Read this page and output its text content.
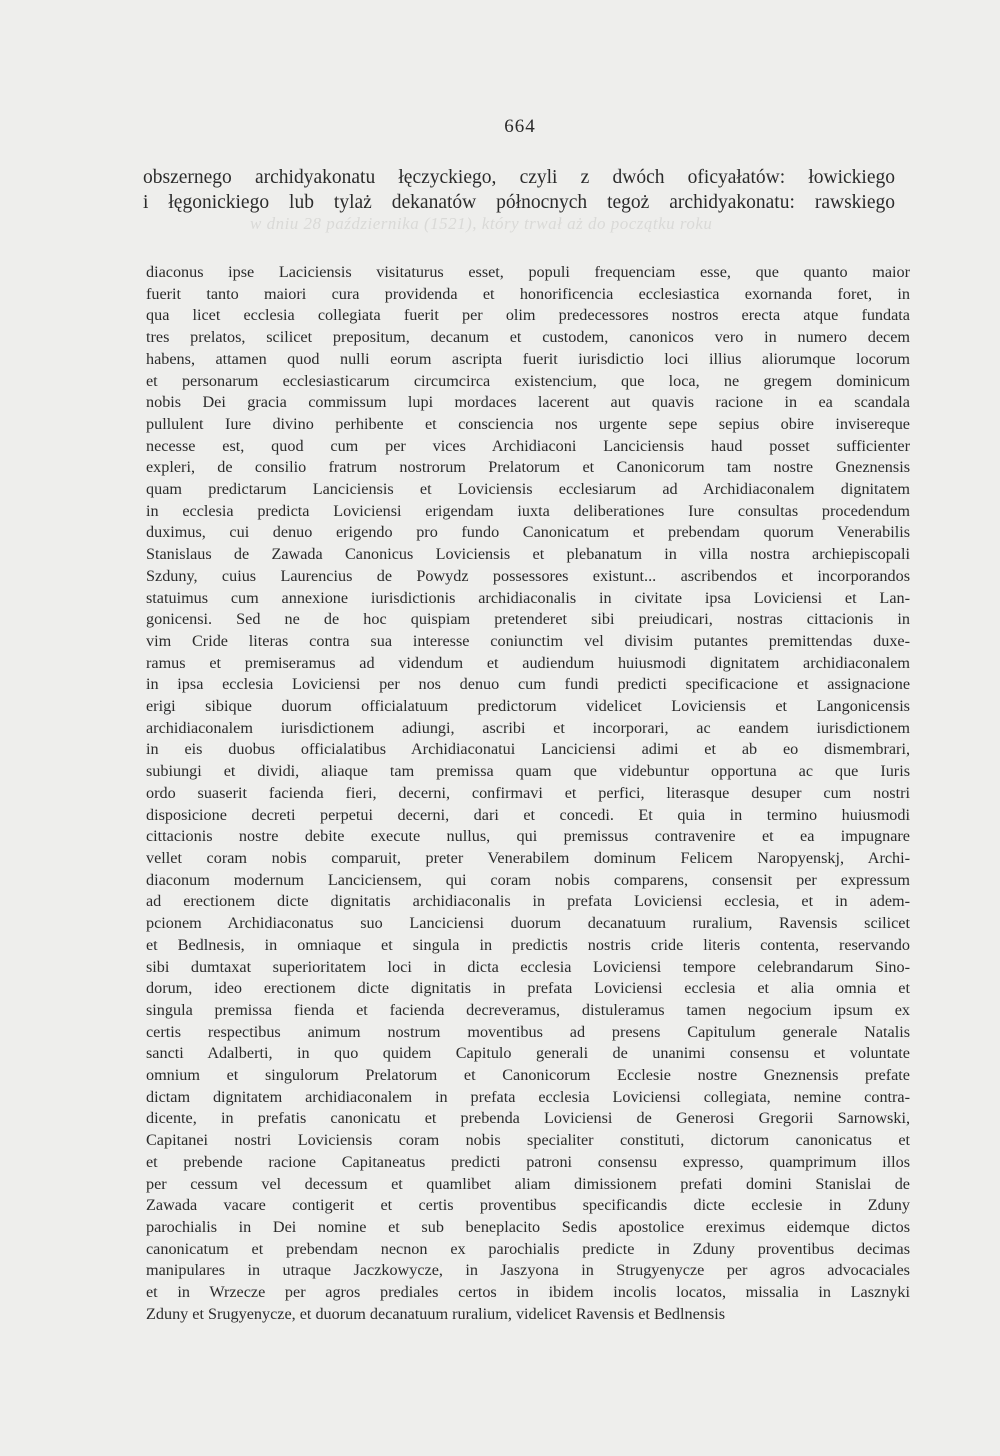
664
w dniu 28 października (1521), który trwał aż do początku roku
obszernego archidyakonatu łęczyckiego, czyli z dwóch oficyałatów: łowickiego
i łęgonickiego lub tylaż dekanatów północnych tegoż archidyakonatu: rawskiego
diaconus ipse Laciciensis visitaturus esset, populi frequenciam esse, que quanto maior
fuerit tanto maiori cura providenda et honorificencia ecclesiastica exornanda foret, in
qua licet ecclesia collegiata fuerit per olim predecessores nostros erecta atque fundata
tres prelatos, scilicet prepositum, decanum et custodem, canonicos vero in numero decem
habens, attamen quod nulli eorum ascripta fuerit iurisdictio loci illius aliorumque locorum
et personarum ecclesiasticarum circumcirca existencium, que loca, ne gregem dominicum
nobis Dei gracia commissum lupi mordaces lacerent aut quavis racione in ea scandala
pullulent Iure divino perhibente et consciencia nos urgente sepe sepius obire invisereque
necesse est, quod cum per vices Archidiaconi Lanciciensis haud posset sufficienter
expleri, de consilio fratrum nostrorum Prelatorum et Canonicorum tam nostre Gneznensis
quam predictarum Lanciciensis et Loviciensis ecclesiarum ad Archidiaconalem dignitatem
in ecclesia predicta Loviciensi erigendam iuxta deliberationes Iure consultas procedendum
duximus, cui denuo erigendo pro fundo Canonicatum et prebendam quorum Venerabilis
Stanislaus de Zawada Canonicus Loviciensis et plebanatum in villa nostra archiepiscopali
Szduny, cuius Laurencius de Powydz possessores existunt... ascribendos et incorporandos
statuimus cum annexione iurisdictionis archidiaconalis in civitate ipsa Loviciensi et Lan-
gonicensi. Sed ne de hoc quispiam pretenderet sibi preiudicari, nostras cittacionis in
vim Cride literas contra sua interesse coniunctim vel divisim putantes premittendas duxe-
ramus et premiseramus ad videndum et audiendum huiusmodi dignitatem archidiaconalem
in ipsa ecclesia Loviciensi per nos denuo cum fundi predicti specificacione et assignacione
erigi sibique duorum officialatuum predictorum videlicet Loviciensis et Langonicensis
archidiaconalem iurisdictionem adiungi, ascribi et incorporari, ac eandem iurisdictionem
in eis duobus officialatibus Archidiaconatui Lanciciensi adimi et ab eo dismembrari,
subiungi et dividi, aliaque tam premissa quam que videbuntur opportuna ac que Iuris
ordo suaserit facienda fieri, decerni, confirmavi et perfici, literasque desuper cum nostri
disposicione decreti perpetui decerni, dari et concedi. Et quia in termino huiusmodi
cittacionis nostre debite execute nullus, qui premissus contravenire et ea impugnare
vellet coram nobis comparuit, preter Venerabilem dominum Felicem Naropyenskj, Archi-
diaconum modernum Lanciciensem, qui coram nobis comparens, consensit per expressum
ad erectionem dicte dignitatis archidiaconalis in prefata Loviciensi ecclesia, et in adem-
pcionem Archidiaconatus suo Lanciciensi duorum decanatuum ruralium, Ravensis scilicet
et Bedlnesis, in omniaque et singula in predictis nostris cride literis contenta, reservando
sibi dumtaxat superioritatem loci in dicta ecclesia Loviciensi tempore celebrandarum Sino-
dorum, ideo erectionem dicte dignitatis in prefata Loviciensi ecclesia et alia omnia et
singula premissa fienda et facienda decreveramus, distuleramus tamen negocium ipsum ex
certis respectibus animum nostrum moventibus ad presens Capitulum generale Natalis
sancti Adalberti, in quo quidem Capitulo generali de unanimi consensu et voluntate
omnium et singulorum Prelatorum et Canonicorum Ecclesie nostre Gneznensis prefate
dictam dignitatem archidiaconalem in prefata ecclesia Loviciensi collegiata, nemine contra-
dicente, in prefatis canonicatu et prebenda Loviciensi de Generosi Gregorii Sarnowski,
Capitanei nostri Loviciensis coram nobis specialiter constituti, dictorum canonicatus et
et prebende racione Capitaneatus predicti patroni consensu expresso, quamprimum illos
per cessum vel decessum et quamlibet aliam dimissionem prefati domini Stanislai de
Zawada vacare contigerit et certis proventibus specificandis dicte ecclesie in Zduny
parochialis in Dei nomine et sub beneplacito Sedis apostolice ereximus eidemque dictos
canonicatum et prebendam necnon ex parochialis predicte in Zduny proventibus decimas
manipulares in utraque Jaczkowycze, in Jaszyona in Strugyenycze per agros advocaciales
et in Wrzecze per agros prediales certos in ibidem incolis locatos, missalia in Lasznyki
Zduny et Srugyenycze, et duorum decanatuum ruralium, videlicet Ravensis et Bedlnensis
